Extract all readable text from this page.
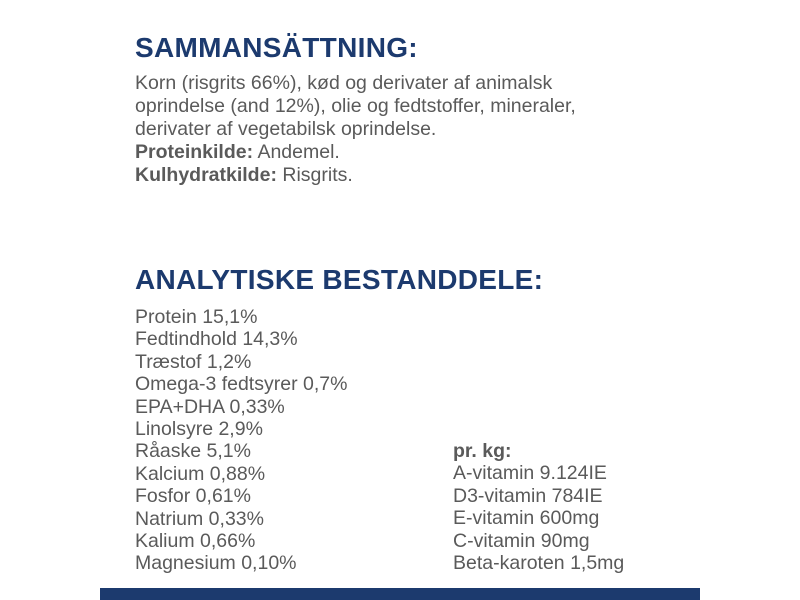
SAMMANSÄTTNING:
Korn (risgrits 66%), kød og derivater af animalsk
oprindelse (and 12%), olie og fedtstoffer, mineraler,
derivater af vegetabilsk oprindelse.
Proteinkilde: Andemel.
Kulhydratkilde: Risgrits.
ANALYTISKE BESTANDDELE:
Protein 15,1%
Fedtindhold 14,3%
Træstof 1,2%
Omega-3 fedtsyrer 0,7%
EPA+DHA 0,33%
Linolsyre 2,9%
Råaske 5,1%
Kalcium 0,88%
Fosfor 0,61%
Natrium 0,33%
Kalium 0,66%
Magnesium 0,10%
pr. kg:
A-vitamin 9.124IE
D3-vitamin 784IE
E-vitamin 600mg
C-vitamin 90mg
Beta-karoten 1,5mg
